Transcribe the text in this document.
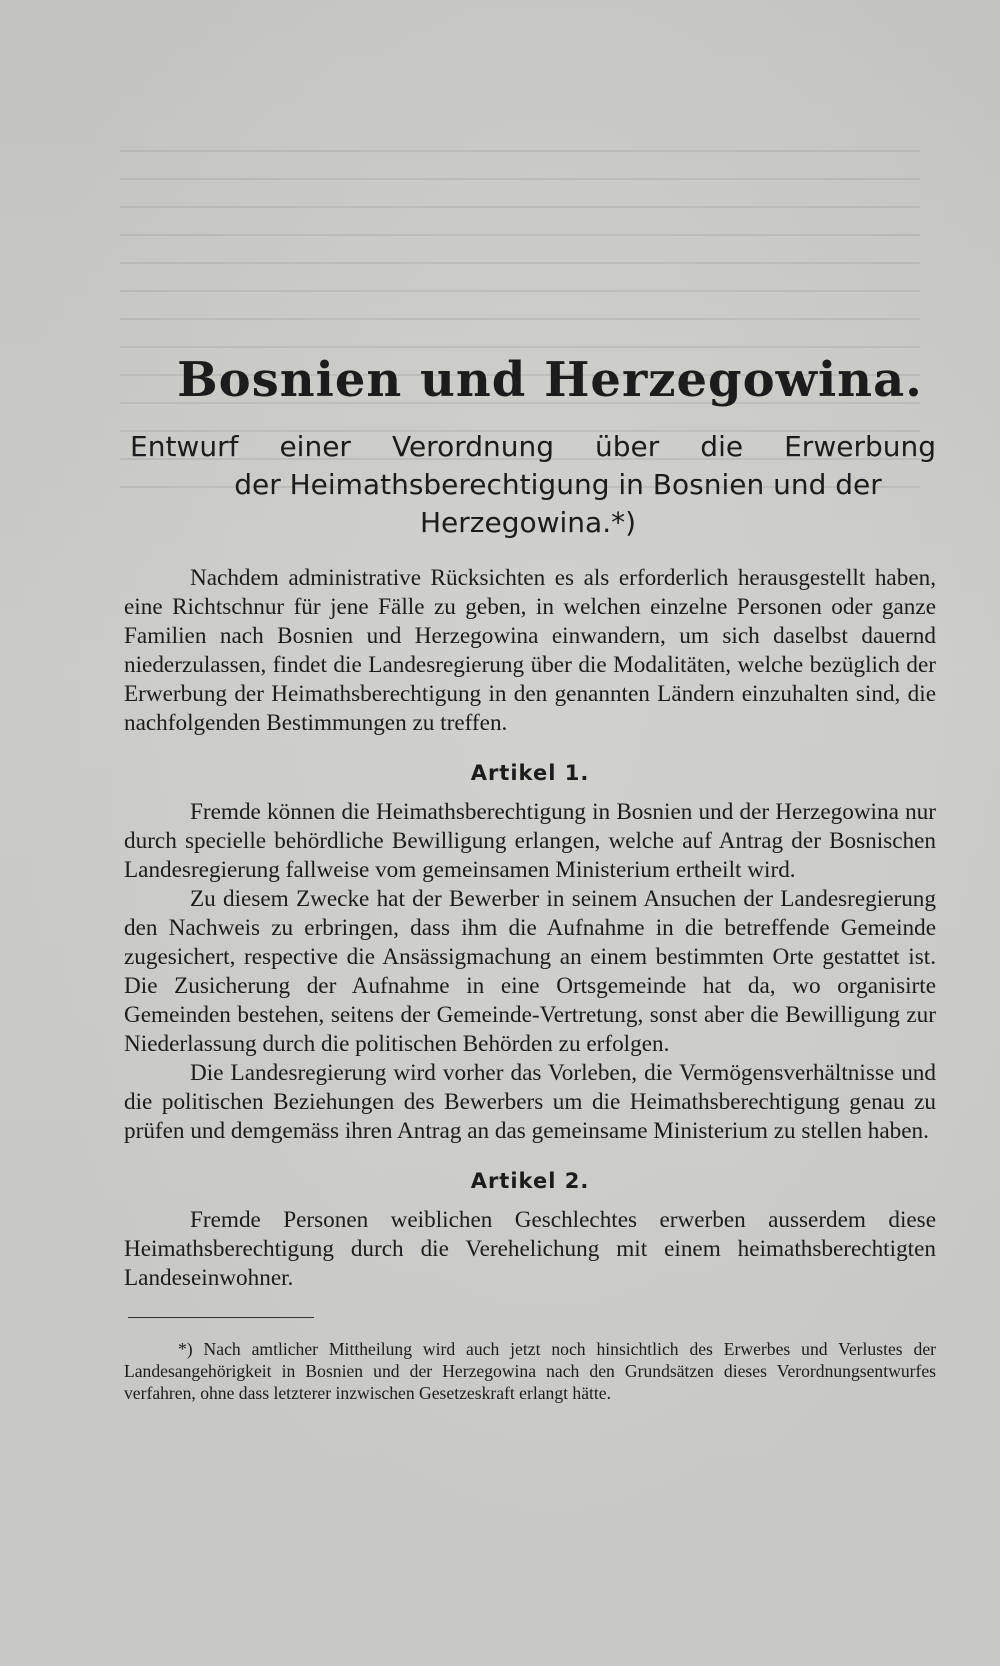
Bosnien und Herzegowina.
Entwurf einer Verordnung über die Erwerbung
der Heimathsberechtigung in Bosnien und der
Herzegowina.*)

Nachdem administrative Rücksichten es als erforderlich herausgestellt haben, eine Richtschnur für jene Fälle zu geben, in welchen einzelne Personen oder ganze Familien nach Bosnien und Herzegowina einwandern, um sich daselbst dauernd niederzulassen, findet die Landesregierung über die Modalitäten, welche bezüglich der Erwerbung der Heimathsberechtigung in den genannten Ländern einzuhalten sind, die nachfolgenden Bestimmungen zu treffen.

Artikel 1.

Fremde können die Heimathsberechtigung in Bosnien und der Herzegowina nur durch specielle behördliche Bewilligung erlangen, welche auf Antrag der Bosnischen Landesregierung fallweise vom gemeinsamen Ministerium ertheilt wird.

Zu diesem Zwecke hat der Bewerber in seinem Ansuchen der Landesregierung den Nachweis zu erbringen, dass ihm die Aufnahme in die betreffende Gemeinde zugesichert, respective die Ansässigmachung an einem bestimmten Orte gestattet ist. Die Zusicherung der Aufnahme in eine Ortsgemeinde hat da, wo organisirte Gemeinden bestehen, seitens der Gemeinde-Vertretung, sonst aber die Bewilligung zur Niederlassung durch die politischen Behörden zu erfolgen.

Die Landesregierung wird vorher das Vorleben, die Vermögensverhältnisse und die politischen Beziehungen des Bewerbers um die Heimathsberechtigung genau zu prüfen und demgemäss ihren Antrag an das gemeinsame Ministerium zu stellen haben.

Artikel 2.

Fremde Personen weiblichen Geschlechtes erwerben ausserdem diese Heimathsberechtigung durch die Verehelichung mit einem heimathsberechtigten Landeseinwohner.

*) Nach amtlicher Mittheilung wird auch jetzt noch hinsichtlich des Erwerbes und Verlustes der Landesangehörigkeit in Bosnien und der Herzegowina nach den Grundsätzen dieses Verordnungsentwurfes verfahren, ohne dass letzterer inzwischen Gesetzeskraft erlangt hätte.
